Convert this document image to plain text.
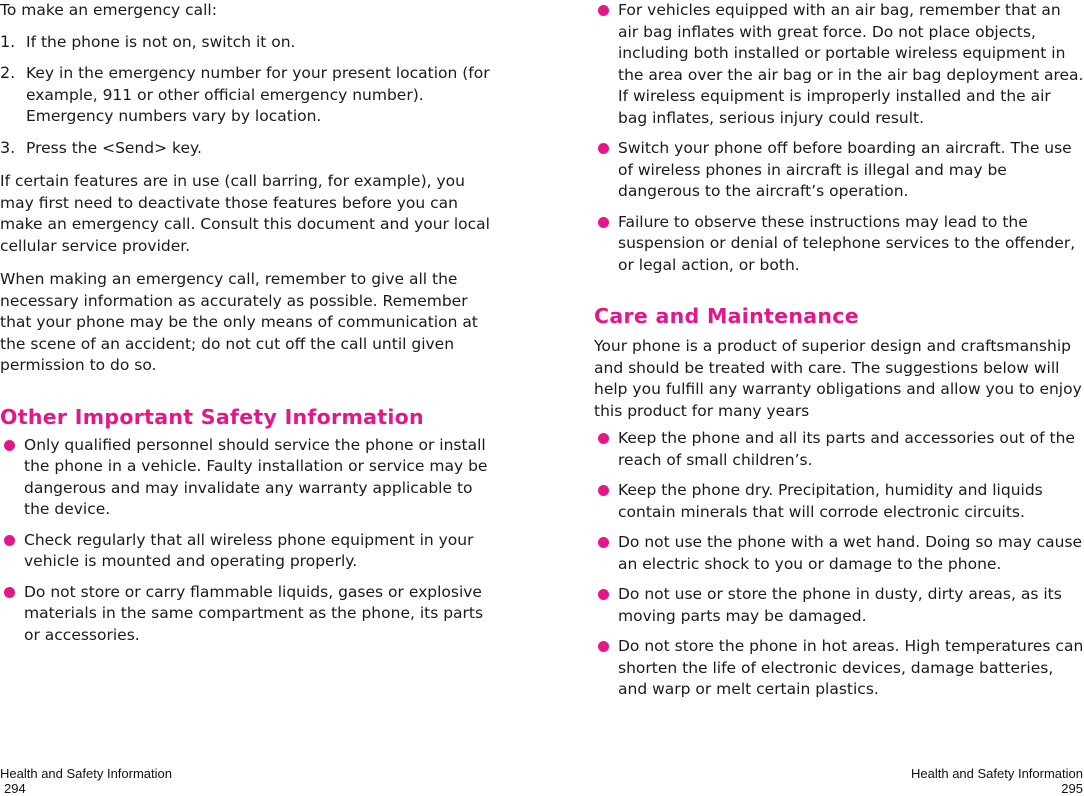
To make an emergency call:

1. If the phone is not on, switch it on.

2. Key in the emergency number for your present location (for example, 911 or other official emergency number). Emergency numbers vary by location.

3. Press the <Send> key.

If certain features are in use (call barring, for example), you may first need to deactivate those features before you can make an emergency call. Consult this document and your local cellular service provider.

When making an emergency call, remember to give all the necessary information as accurately as possible. Remember that your phone may be the only means of communication at the scene of an accident; do not cut off the call until given permission to do so.

Other Important Safety Information

Only qualified personnel should service the phone or install the phone in a vehicle. Faulty installation or service may be dangerous and may invalidate any warranty applicable to the device.

Check regularly that all wireless phone equipment in your vehicle is mounted and operating properly.

Do not store or carry flammable liquids, gases or explosive materials in the same compartment as the phone, its parts or accessories.

For vehicles equipped with an air bag, remember that an air bag inflates with great force. Do not place objects, including both installed or portable wireless equipment in the area over the air bag or in the air bag deployment area. If wireless equipment is improperly installed and the air bag inflates, serious injury could result.

Switch your phone off before boarding an aircraft. The use of wireless phones in aircraft is illegal and may be dangerous to the aircraft’s operation.

Failure to observe these instructions may lead to the suspension or denial of telephone services to the offender, or legal action, or both.

Care and Maintenance

Your phone is a product of superior design and craftsmanship and should be treated with care. The suggestions below will help you fulfill any warranty obligations and allow you to enjoy this product for many years

Keep the phone and all its parts and accessories out of the reach of small children’s.

Keep the phone dry. Precipitation, humidity and liquids contain minerals that will corrode electronic circuits.

Do not use the phone with a wet hand. Doing so may cause an electric shock to you or damage to the phone.

Do not use or store the phone in dusty, dirty areas, as its moving parts may be damaged.

Do not store the phone in hot areas. High temperatures can shorten the life of electronic devices, damage batteries, and warp or melt certain plastics.

Health and Safety Information
294
Health and Safety Information
295
